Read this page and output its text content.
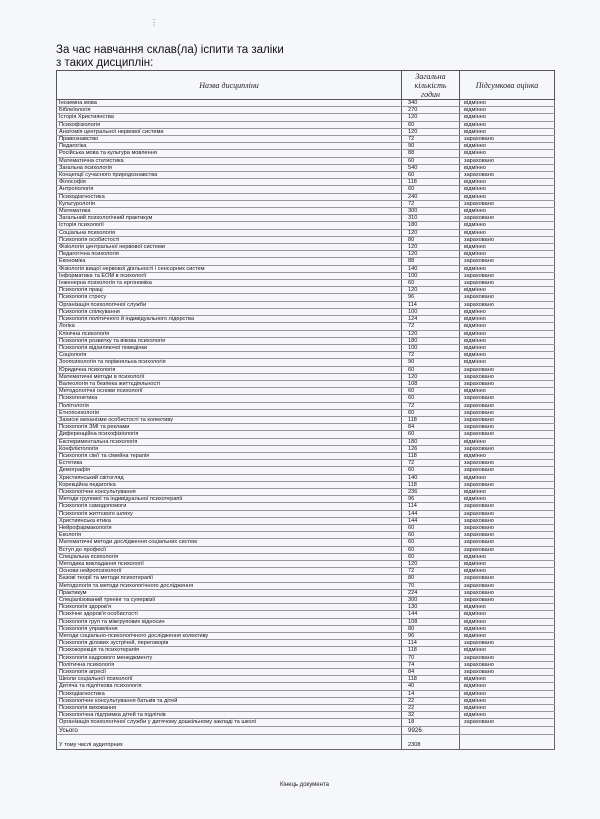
⋮
За час навчання склав(ла) іспити та заліки
з таких дисциплін:
Назва дисципліни	Загальна кількість годин	Підсумкова оцінка
Іноземна мова	340	відмінно
Біблеїологія	270	відмінно
Історія Християнства	120	відмінно
Психофізіологія	60	відмінно
Анатомія центральної нервової системи	120	відмінно
Правознавство	72	зараховано
Педагогіка	90	відмінно
Російська мова та культура мовлення	88	відмінно
Математична статистика	60	зараховано
Загальна психологія	540	відмінно
Концепції сучасного природознавства	60	зараховано
Філософія	118	відмінно
Антропологія	60	відмінно
Психодіагностика	240	відмінно
Культурологія	72	зараховано
Математика	300	відмінно
Загальний психологічний практикум	310	зараховано
Історія психології	180	відмінно
Соціальна психологія	120	відмінно
Психологія особистості	80	зараховано
Фізіологія центральної нервової системи	120	відмінно
Педагогічна психологія	120	відмінно
Економіка	88	зараховано
Фізіологія вищої нервової діяльності і сенсорних систем	140	відмінно
Інформатика та ЕОМ в психології	100	зараховано
Інженерна психологія та ергономіка	60	зараховано
Психологія праці	120	відмінно
Психологія стресу	96	зараховано
Організація психологічної служби	114	зараховано
Психологія спілкування	100	відмінно
Психологія політичного й індивідуального лідерства	124	відмінно
Логіка	72	відмінно
Клінічна психологія	120	відмінно
Психологія розвитку та вікова психологія	180	відмінно
Психологія відхиляючої поведінки	100	відмінно
Соціологія	72	відмінно
Зоопсихологія та порівняльна психологія	90	відмінно
Юридична психологія	60	зараховано
Математичні методи в психології	120	зараховано
Валеологія та безпека життєдіяльності	108	зараховано
Методологічні основи психології	60	відмінно
Психогенетика	60	зараховано
Політологія	72	зараховано
Етнопсихологія	60	зараховано
Захисні механізми особистості та колективу	118	зараховано
Психологія ЗМІ та реклами	84	зараховано
Диференційна психофізіологія	60	зараховано
Експериментальна психологія	180	відмінно
Конфліктологія	126	зараховано
Психологія сім'ї та сімейна терапія	118	відмінно
Естетика	72	зараховано
Демографія	60	зараховано
Християнський світогляд	140	відмінно
Корекційна педагогіка	118	зараховано
Психологічне консультування	236	відмінно
Методи групової та індивідуальної психотерапії	96	відмінно
Психологія самодопомоги	114	зараховано
Психологія життєвого шляху	144	зараховано
Християнська етика	144	зараховано
Нейрофармакологія	60	зараховано
Екологія	60	зараховано
Математичні методи дослідження соціальних систем	60	зараховано
Вступ до професії	60	зараховано
Спеціальна психологія	60	відмінно
Методика викладання психології	120	відмінно
Основи нейропсихології	72	відмінно
Базові теорії та методи психотерапії	80	зараховано
Методологія та методи психологічного дослідження	70	зараховано
Практикум	224	зараховано
Спеціалізований тренінг та супервізії	300	зараховано
Психологія здоров'я	130	відмінно
Психічне здоров'я особистості	144	відмінно
Психологія груп та міжгрупових відносин	108	відмінно
Психологія управління	80	відмінно
Методи соціально-психологічного дослідження колективу	96	відмінно
Психологія ділових зустрічей, переговорів	114	зараховано
Психокорекція та психотерапія	118	відмінно
Психологія кадрового менеджменту	70	зараховано
Політична психологія	74	зараховано
Психологія агресії	84	зараховано
Школи соціальної психології	118	відмінно
Дитяча та підліткова психологія	40	відмінно
Психодіагностика	14	відмінно
Психологічне консультування батьків та дітей	22	відмінно
Психологія виховання	22	відмінно
Психологічна підтримка дітей та підлітків	32	відмінно
Організація психологічної служби у дитячому дошкільному закладі та школі	18	зараховано
Усього	9926	

У тому числі аудиторних	2308	
Кінець документа
